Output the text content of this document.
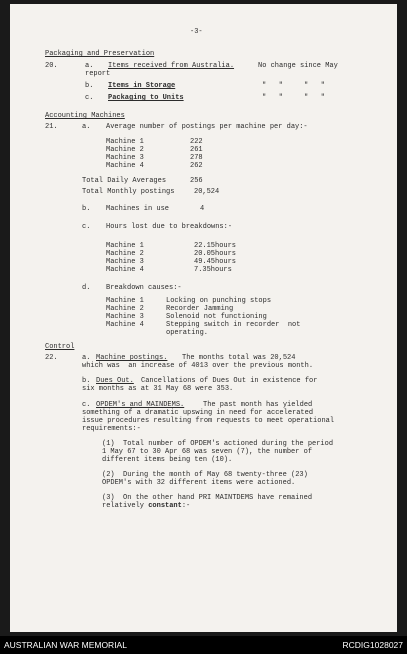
-3-
Packaging and Preservation
20.	a. Items received from Australia.	No change since May
report
b. Items in Storage	"   "     "   "
c. Packaging to Units	"   "     "   "
Accounting Machines
21.	a. Average number of postings per machine per day:-
Machine 1	222
Machine 2	261
Machine 3	278
Machine 4	262
Total Daily Averages	256
Total Monthly postings	20,524
b. Machines in use	4
c. Hours lost due to breakdowns:-
Machine 1	22.15hours
Machine 2	20.05hours
Machine 3	49.45hours
Machine 4	7.35hours
d. Breakdown causes:-
Machine 1	Locking on punching stops
Machine 2	Recorder Jamming
Machine 3	Solenoid not functioning
Machine 4	Stepping switch in recorder  not
operating.
Control
22.	a. Machine postings. The months total was 20,524
which was  an increase of 4013 over the previous month.
b. Dues Out. Cancellations of Dues Out in existence for
six months as at 31 May 68 were 353.
c. OPDEM's and MAINDEMS.	The past month has yielded
something of a dramatic upswing in need for accelerated
issue procedures resulting from requests to meet operational
requirements:-
(1)  Total number of OPDEM's actioned during the period
1 May 67 to 30 Apr 68 was seven (7), the number of
different items being ten (10).
(2)  During the month of May 68 twenty-three (23)
OPDEM's with 32 different items were actioned.
(3)  On the other hand PRI MAINTDEMS have remained
relatively constant:-
AUSTRALIAN WAR MEMORIAL	RCDIG1028027
